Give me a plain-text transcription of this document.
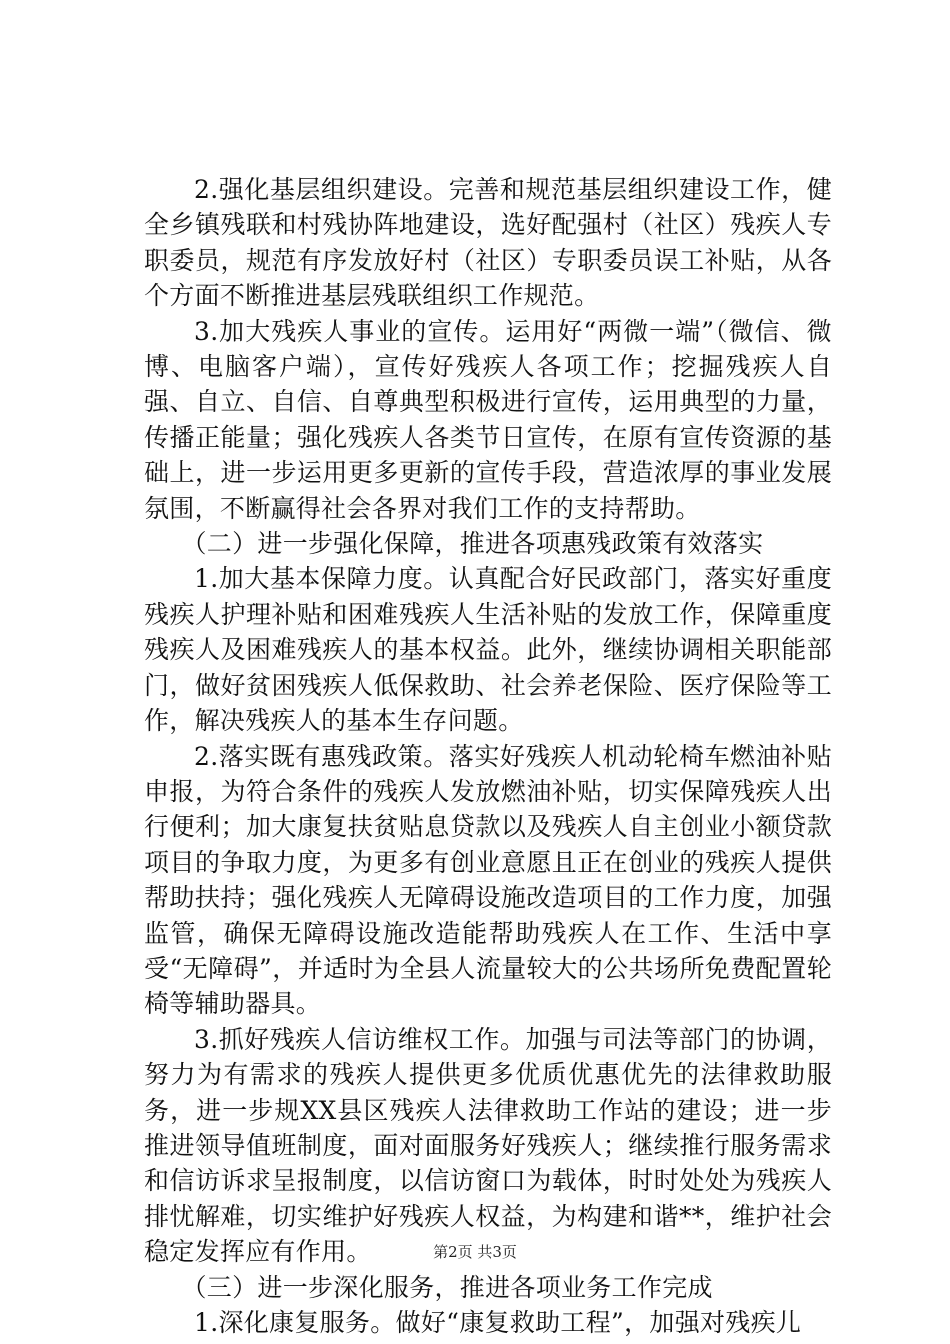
2.强化基层组织建设。完善和规范基层组织建设工作，健全乡镇残联和村残协阵地建设，选好配强村（社区）残疾人专职委员，规范有序发放好村（社区）专职委员误工补贴，从各个方面不断推进基层残联组织工作规范。

3.加大残疾人事业的宣传。运用好“两微一端”（微信、微博、电脑客户端），宣传好残疾人各项工作；挖掘残疾人自强、自立、自信、自尊典型积极进行宣传，运用典型的力量，传播正能量；强化残疾人各类节日宣传，在原有宣传资源的基础上，进一步运用更多更新的宣传手段，营造浓厚的事业发展氛围，不断赢得社会各界对我们工作的支持帮助。

（二）进一步强化保障，推进各项惠残政策有效落实

1.加大基本保障力度。认真配合好民政部门，落实好重度残疾人护理补贴和困难残疾人生活补贴的发放工作，保障重度残疾人及困难残疾人的基本权益。此外，继续协调相关职能部门，做好贫困残疾人低保救助、社会养老保险、医疗保险等工作，解决残疾人的基本生存问题。

2.落实既有惠残政策。落实好残疾人机动轮椅车燃油补贴申报，为符合条件的残疾人发放燃油补贴，切实保障残疾人出行便利；加大康复扶贫贴息贷款以及残疾人自主创业小额贷款项目的争取力度，为更多有创业意愿且正在创业的残疾人提供帮助扶持；强化残疾人无障碍设施改造项目的工作力度，加强监管，确保无障碍设施改造能帮助残疾人在工作、生活中享受“无障碍”，并适时为全县人流量较大的公共场所免费配置轮椅等辅助器具。

3.抓好残疾人信访维权工作。加强与司法等部门的协调，努力为有需求的残疾人提供更多优质优惠优先的法律救助服务，进一步规XX县区残疾人法律救助工作站的建设；进一步推进领导值班制度，面对面服务好残疾人；继续推行服务需求和信访诉求呈报制度，以信访窗口为载体，时时处处为残疾人排忧解难，切实维护好残疾人权益，为构建和谐**，维护社会稳定发挥应有作用。

（三）进一步深化服务，推进各项业务工作完成

1.深化康复服务。做好“康复救助工程”，加强对残疾儿

第2页 共3页
